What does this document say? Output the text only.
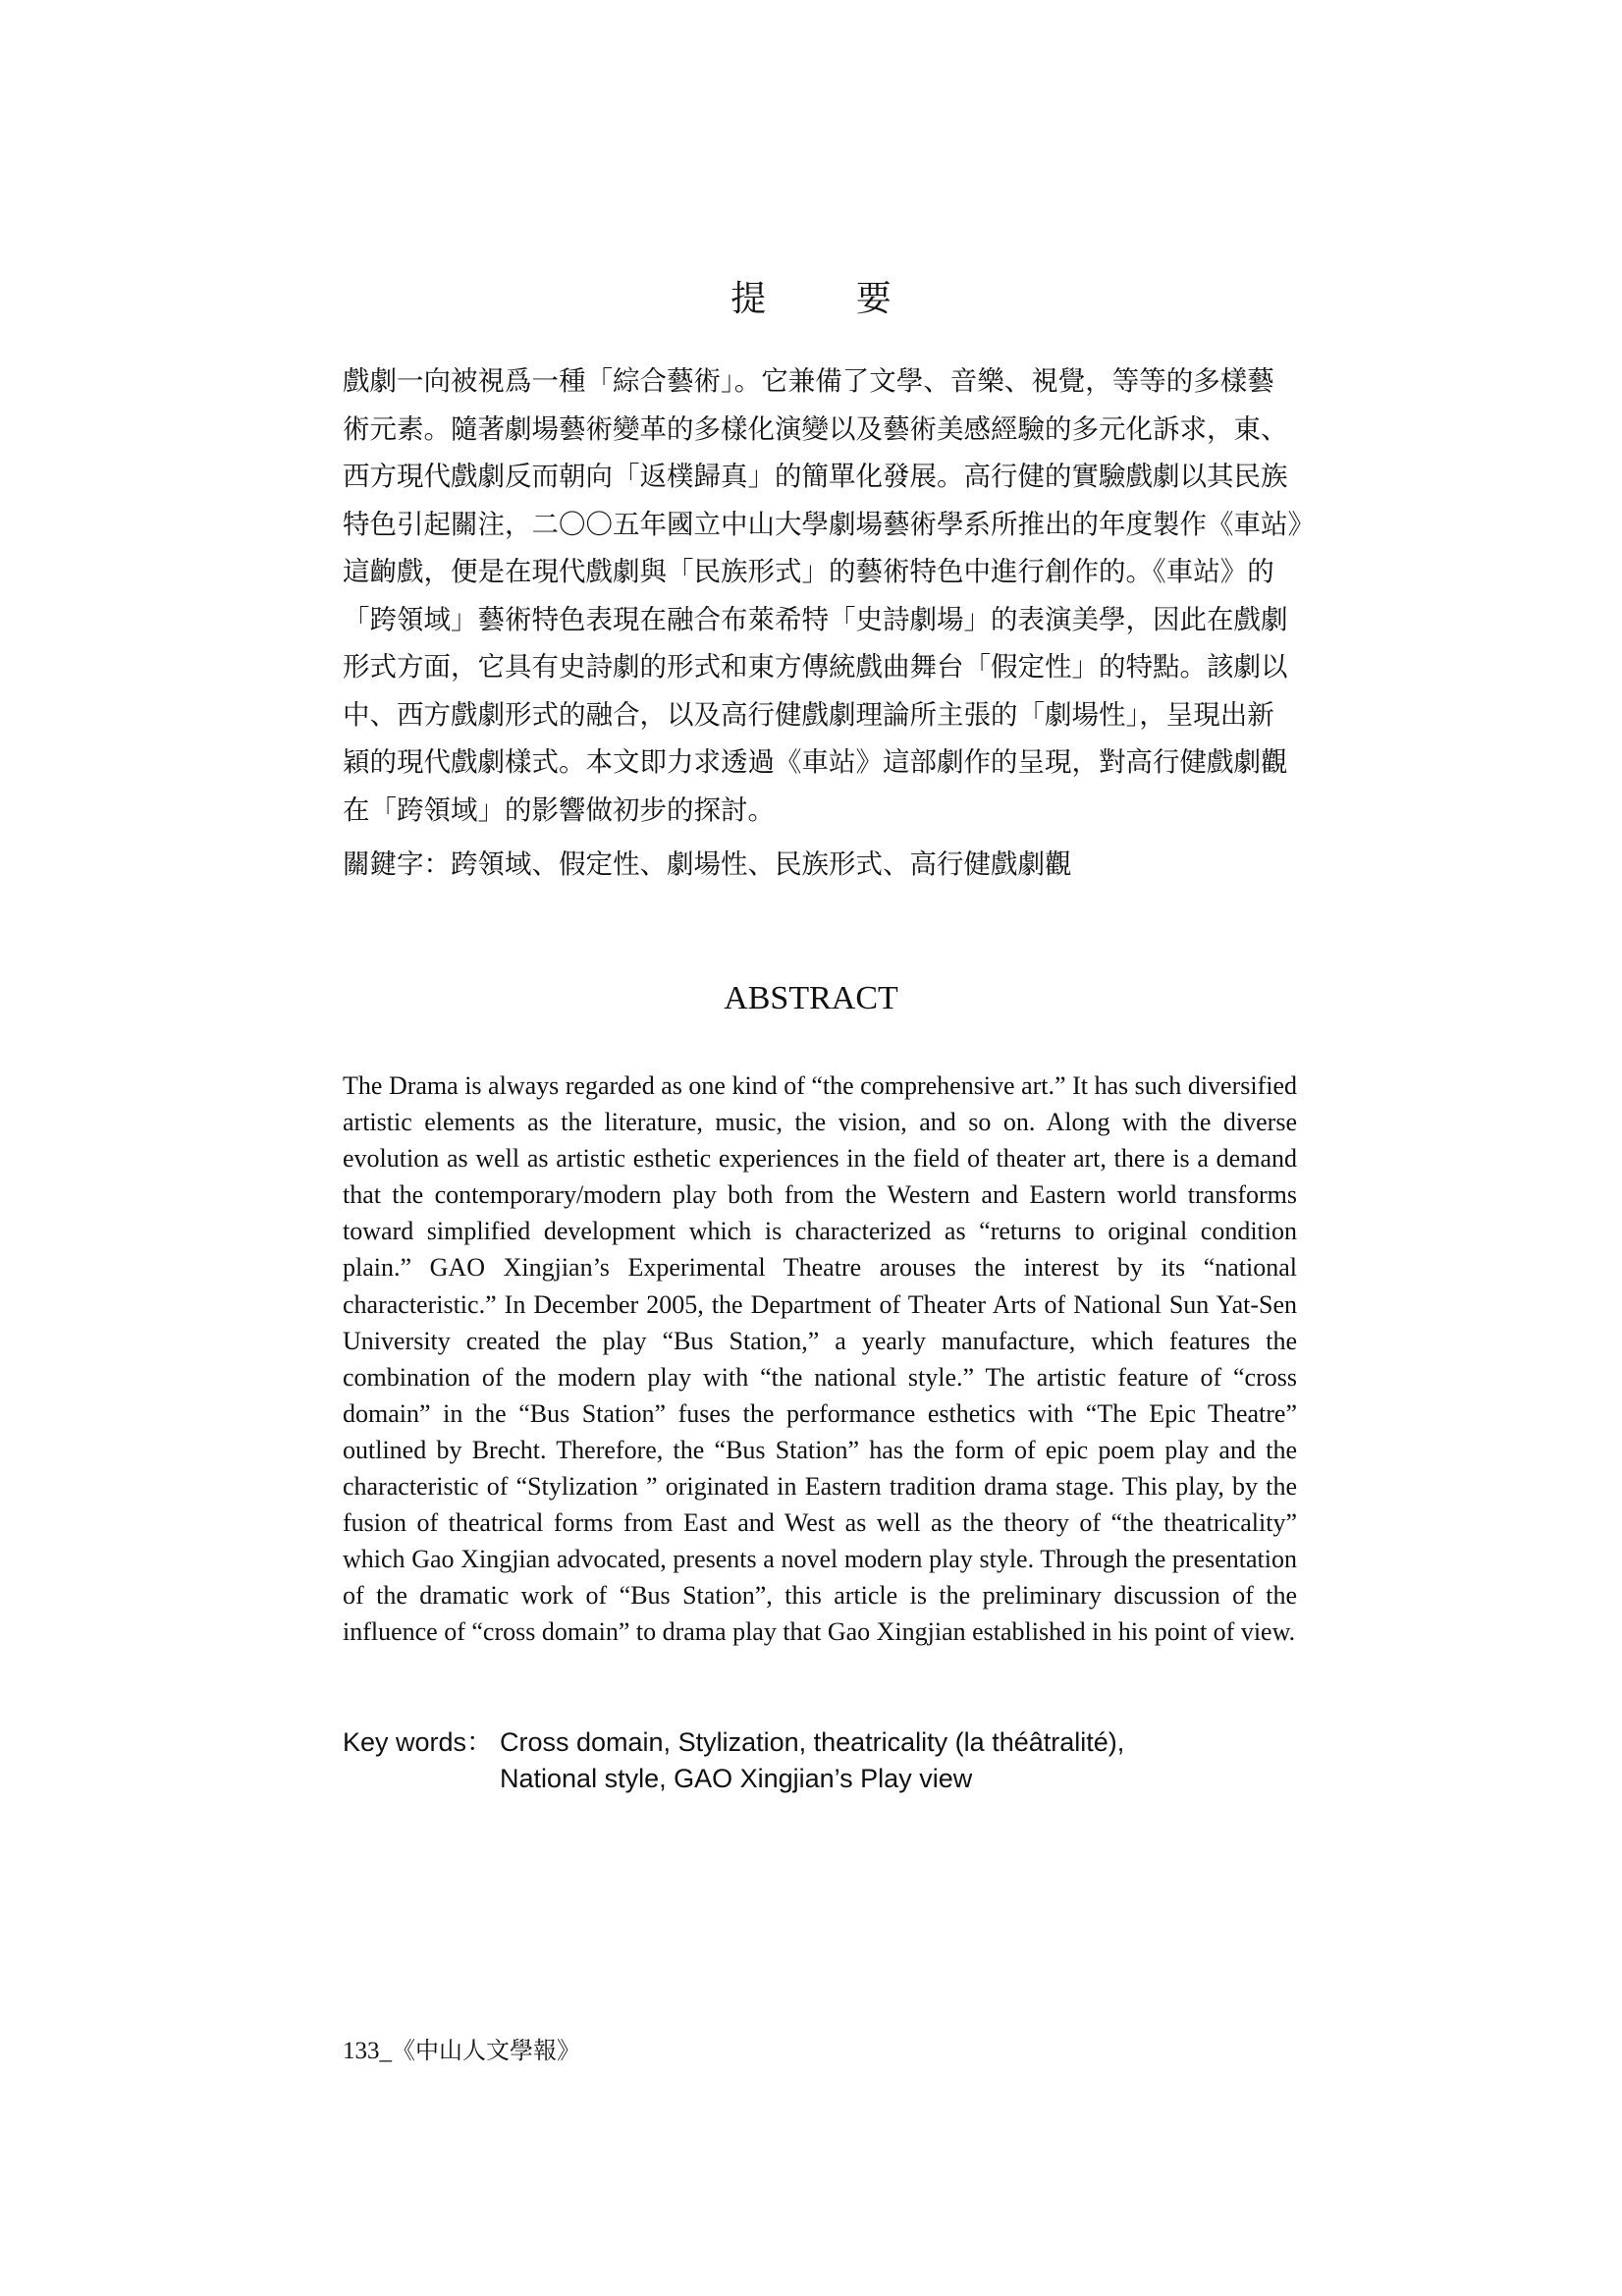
提 要
戲劇一向被視爲一種「綜合藝術」。它兼備了文學、音樂、視覺，等等的多樣藝
術元素。隨著劇場藝術變革的多樣化演變以及藝術美感經驗的多元化訴求，東、
西方現代戲劇反而朝向「返樸歸真」的簡單化發展。高行健的實驗戲劇以其民族
特色引起關注，二〇〇五年國立中山大學劇場藝術學系所推出的年度製作《車站》
這齣戲，便是在現代戲劇與「民族形式」的藝術特色中進行創作的。《車站》的
「跨領域」藝術特色表現在融合布萊希特「史詩劇場」的表演美學，因此在戲劇
形式方面，它具有史詩劇的形式和東方傳統戲曲舞台「假定性」的特點。該劇以
中、西方戲劇形式的融合，以及高行健戲劇理論所主張的「劇場性」，呈現出新
穎的現代戲劇樣式。本文即力求透過《車站》這部劇作的呈現，對高行健戲劇觀
在「跨領域」的影響做初步的探討。
關鍵字：跨領域、假定性、劇場性、民族形式、高行健戲劇觀
ABSTRACT

The Drama is always regarded as one kind of “the comprehensive art.” It has such diversified artistic elements as the literature, music, the vision, and so on. Along with the diverse evolution as well as artistic esthetic experiences in the field of theater art, there is a demand that the contemporary/modern play both from the Western and Eastern world transforms toward simplified development which is characterized as “returns to original condition plain.” GAO Xingjian’s Experimental Theatre arouses the interest by its “national characteristic.” In December 2005, the Department of Theater Arts of National Sun Yat-Sen University created the play “Bus Station,” a yearly manufacture, which features the combination of the modern play with “the national style.” The artistic feature of “cross domain” in the “Bus Station” fuses the performance esthetics with “The Epic Theatre” outlined by Brecht. Therefore, the “Bus Station” has the form of epic poem play and the characteristic of “Stylization ” originated in Eastern tradition drama stage. This play, by the fusion of theatrical forms from East and West as well as the theory of “the theatricality” which Gao Xingjian advocated, presents a novel modern play style. Through the presentation of the dramatic work of “Bus Station”, this article is the preliminary discussion of the influence of “cross domain” to drama play that Gao Xingjian established in his point of view.

Key words： Cross domain, Stylization, theatricality (la théâtralité), National style, GAO Xingjian’s Play view
133_《中山人文學報》
